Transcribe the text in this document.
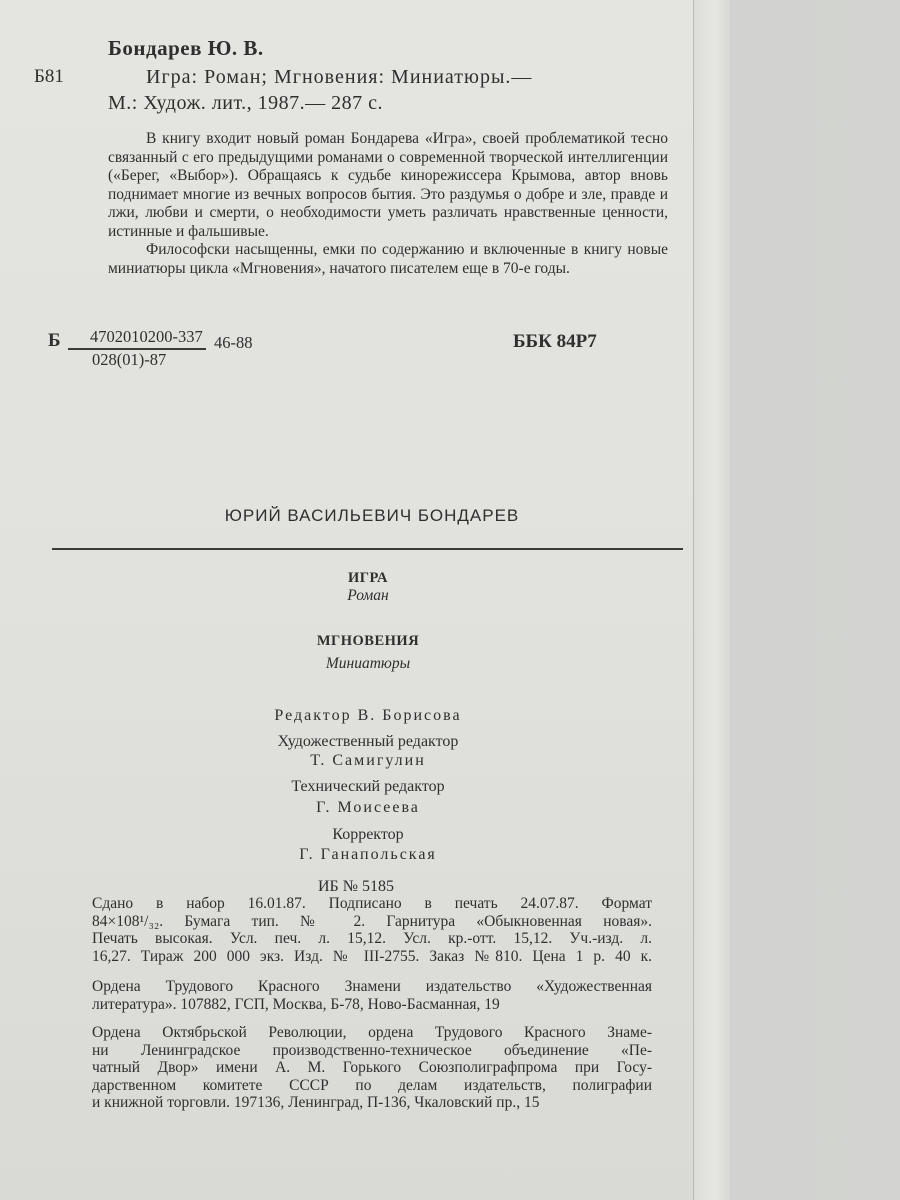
Бондарев Ю. В.
Б81	Игра: Роман; Мгновения: Миниатюры.—
М.: Худож. лит., 1987.— 287 с.

В книгу входит новый роман Бондарева «Игра», своей проблематикой тесно связанный с его предыдущими романами о современной творческой интеллигенции («Берег, «Выбор»). Обращаясь к судьбе кинорежиссера Крымова, автор вновь поднимает многие из вечных вопросов бытия. Это раздумья о добре и зле, правде и лжи, любви и смерти, о необходимости уметь различать нравственные ценности, истинные и фальшивые.

Философски насыщенны, емки по содержанию и включенные в книгу новые миниатюры цикла «Мгновения», начатого писателем еще в 70-е годы.

Б 4702010200-337
028(01)-87
46-88	ББК 84Р7
ЮРИЙ ВАСИЛЬЕВИЧ БОНДАРЕВ
ИГРА
Роман
МГНОВЕНИЯ
Миниатюры
Редактор В. Борисова
Художественный редактор
Т. Самигулин
Технический редактор
Г. Моисеева
Корректор
Г. Ганапольская
ИБ № 5185
Сдано в набор 16.01.87. Подписано в печать 24.07.87. Формат
84×108¹/₃₂. Бумага тип. № 2. Гарнитура «Обыкновенная новая».
Печать высокая. Усл. печ. л. 15,12. Усл. кр.-отт. 15,12. Уч.-изд. л.
16,27. Тираж 200 000 экз. Изд. № III-2755. Заказ №810. Цена 1 р. 40 к.
Ордена Трудового Красного Знамени издательство «Художественная
литература». 107882, ГСП, Москва, Б-78, Ново-Басманная, 19
Ордена Октябрьской Революции, ордена Трудового Красного Знаме-
ни Ленинградское производственно-техническое объединение «Пе-
чатный Двор» имени А. М. Горького Союзполиграфпрома при Госу-
дарственном комитете СССР по делам издательств, полиграфии
и книжной торговли. 197136, Ленинград, П-136, Чкаловский пр., 15
